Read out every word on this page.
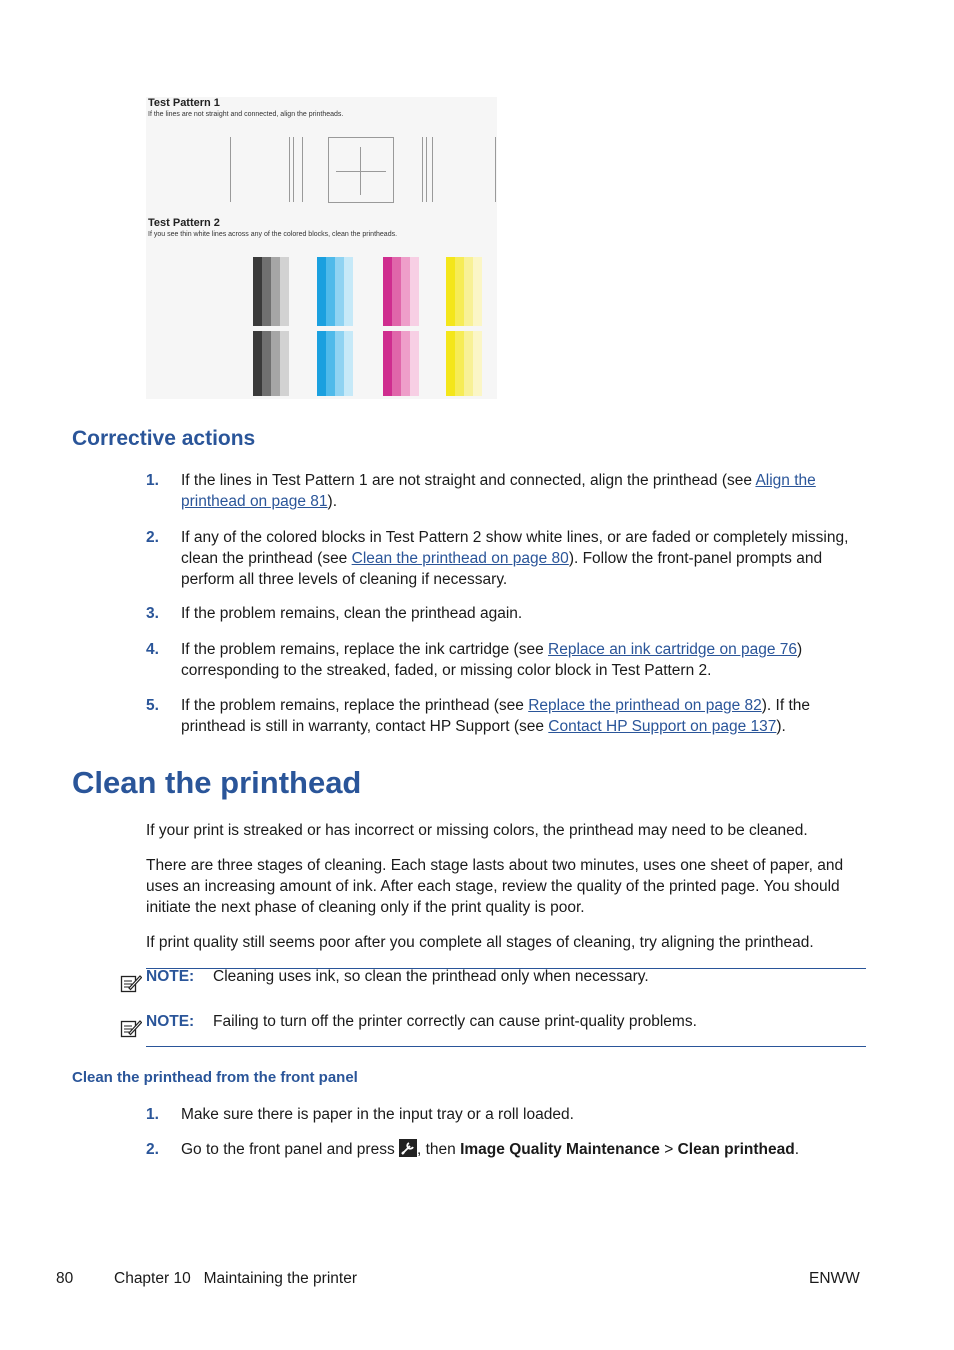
Test Pattern 1
If the lines are not straight and connected, align the printheads.
Test Pattern 2
If you see thin white lines across any of the colored blocks, clean the printheads.
Corrective actions
1. If the lines in Test Pattern 1 are not straight and connected, align the printhead (see Align the printhead on page 81).
2. If any of the colored blocks in Test Pattern 2 show white lines, or are faded or completely missing, clean the printhead (see Clean the printhead on page 80). Follow the front-panel prompts and perform all three levels of cleaning if necessary.
3. If the problem remains, clean the printhead again.
4. If the problem remains, replace the ink cartridge (see Replace an ink cartridge on page 76) corresponding to the streaked, faded, or missing color block in Test Pattern 2.
5. If the problem remains, replace the printhead (see Replace the printhead on page 82). If the printhead is still in warranty, contact HP Support (see Contact HP Support on page 137).
Clean the printhead
If your print is streaked or has incorrect or missing colors, the printhead may need to be cleaned.
There are three stages of cleaning. Each stage lasts about two minutes, uses one sheet of paper, and uses an increasing amount of ink. After each stage, review the quality of the printed page. You should initiate the next phase of cleaning only if the print quality is poor.
If print quality still seems poor after you complete all stages of cleaning, try aligning the printhead.
NOTE: Cleaning uses ink, so clean the printhead only when necessary.
NOTE: Failing to turn off the printer correctly can cause print-quality problems.
Clean the printhead from the front panel
1. Make sure there is paper in the input tray or a roll loaded.
2. Go to the front panel and press , then Image Quality Maintenance > Clean printhead.
80	Chapter 10   Maintaining the printer	ENWW
